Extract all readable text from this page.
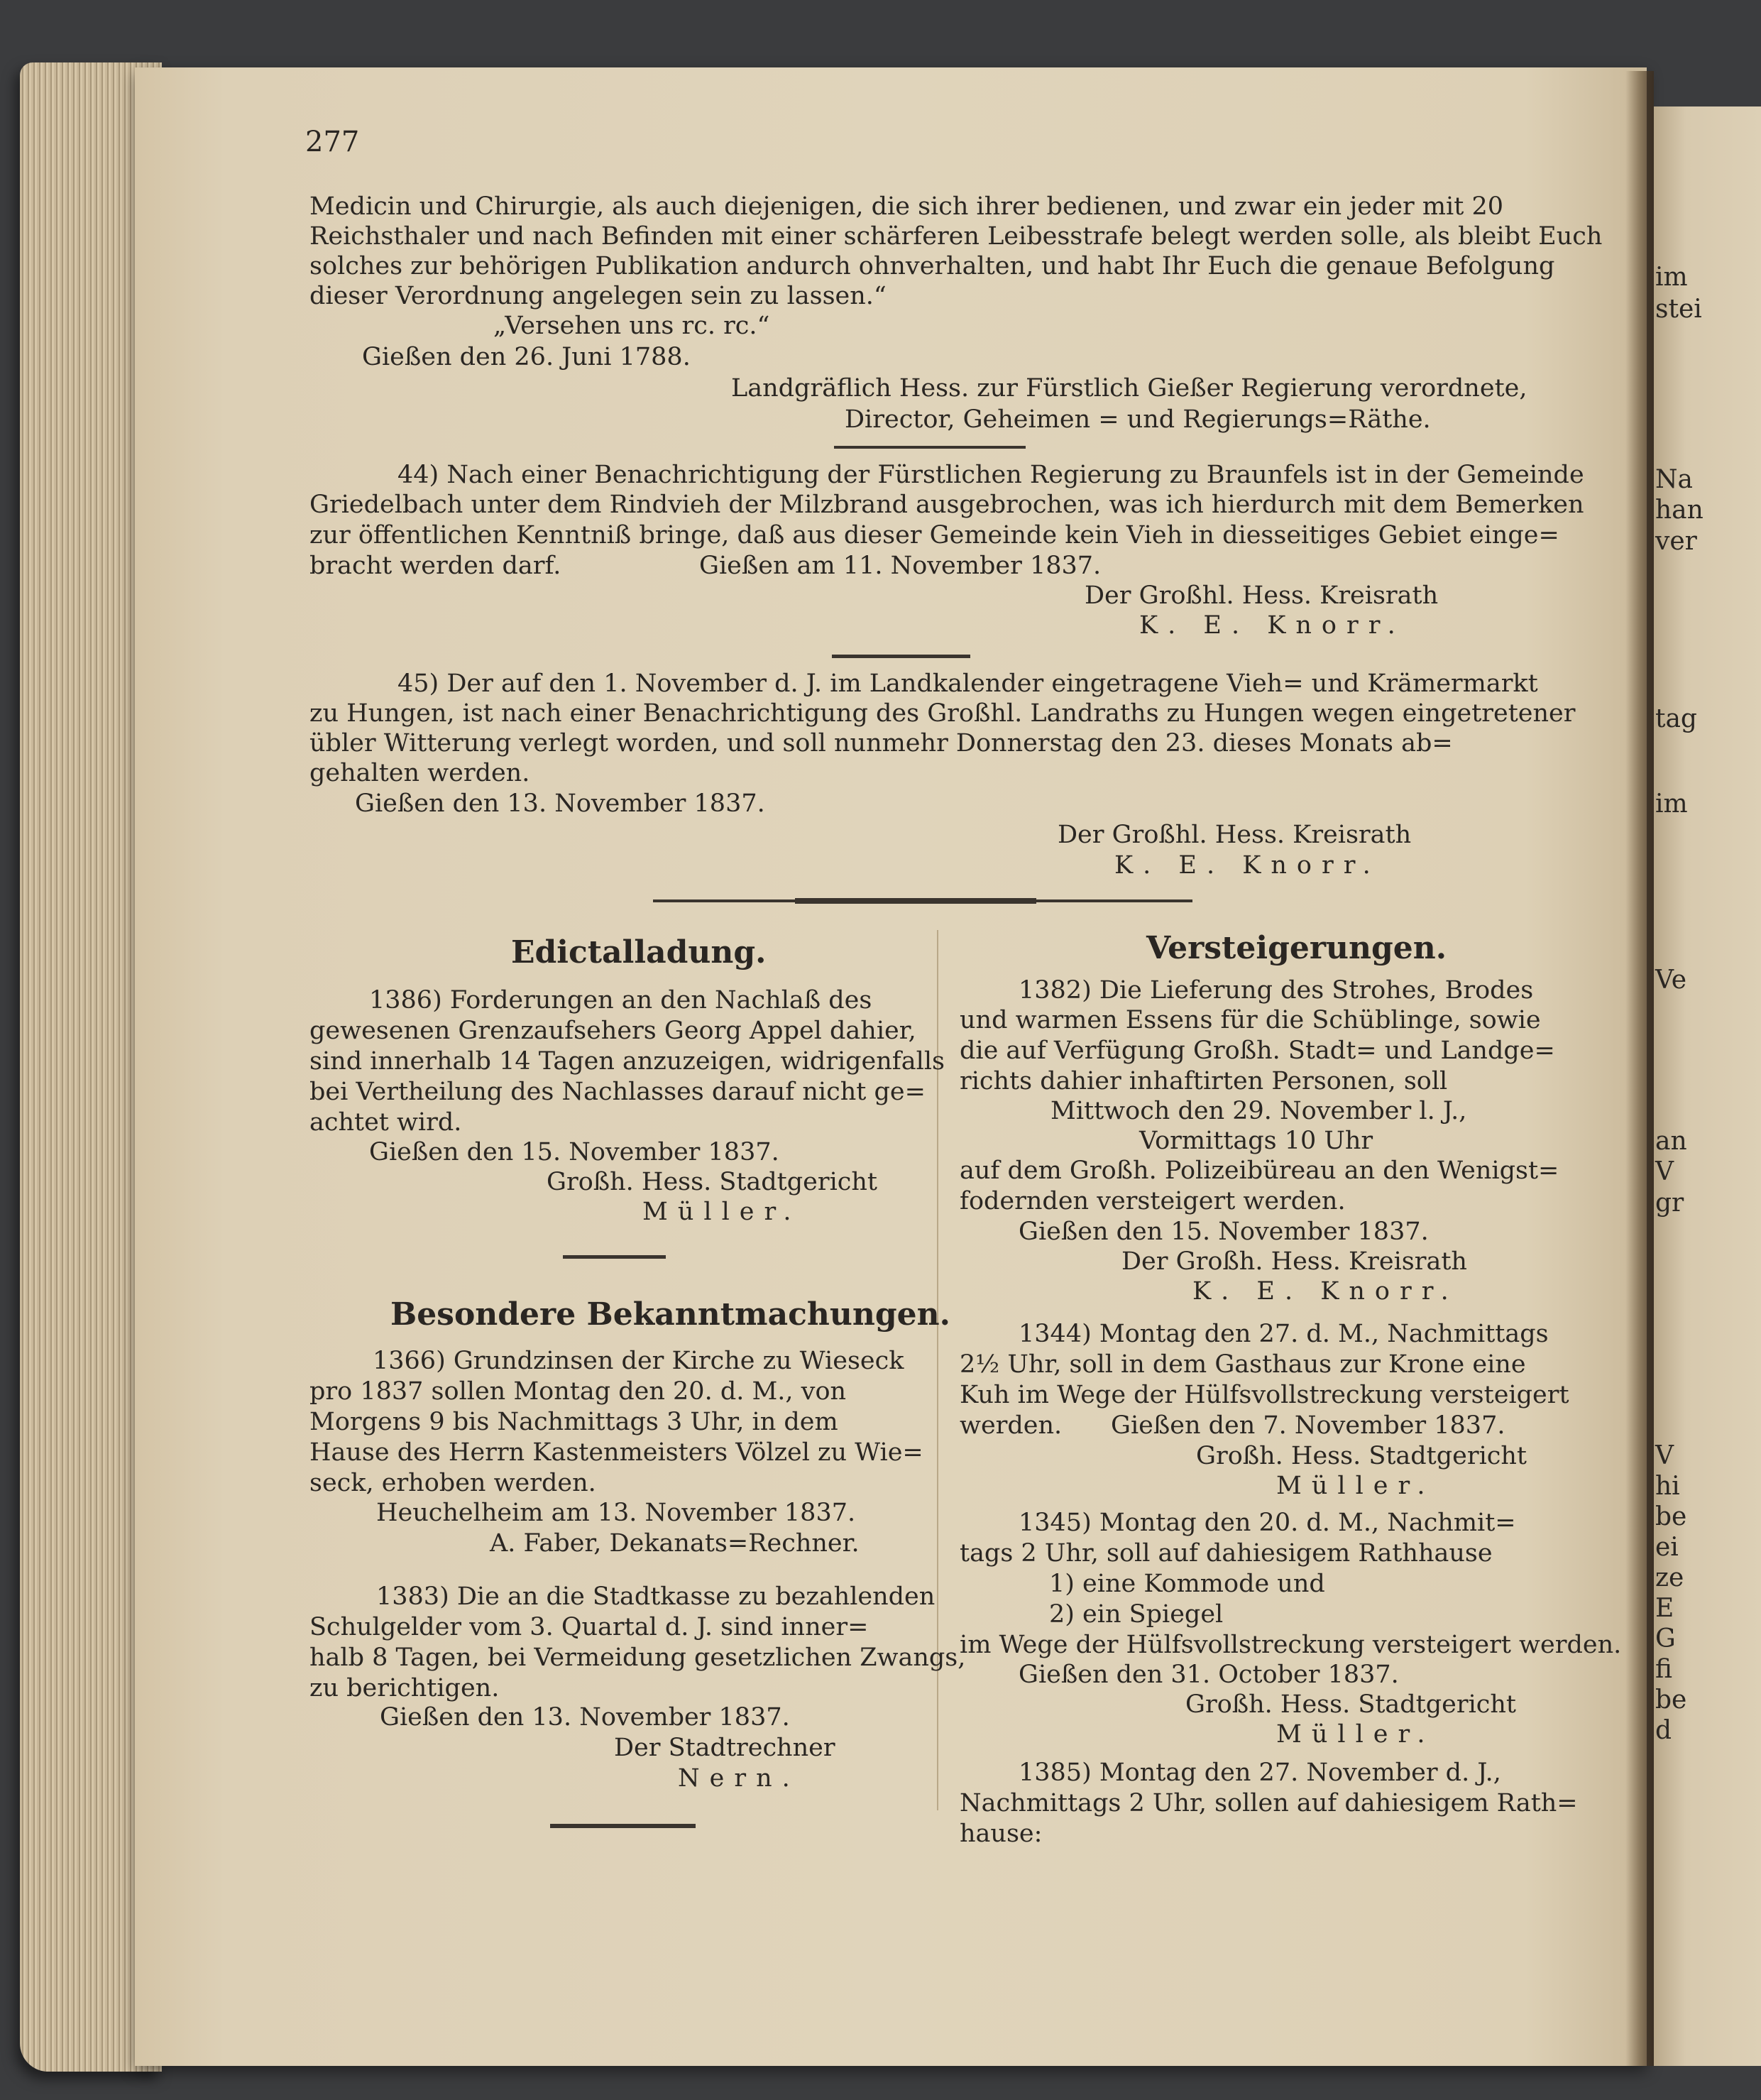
im
stei
Na
han
ver
tag
im
Ve
an
V
gr
V
hi
be
ei
ze
E
G
fi
be
d
277
Medicin und Chirurgie, als auch diejenigen, die sich ihrer bedienen, und zwar ein jeder mit 20
Reichsthaler und nach Befinden mit einer schärferen Leibesstrafe belegt werden solle, als bleibt Euch
solches zur behörigen Publikation andurch ohnverhalten, und habt Ihr Euch die genaue Befolgung
dieser Verordnung angelegen sein zu lassen.“
„Versehen uns rc. rc.“
Gießen den 26. Juni 1788.
Landgräflich Hess. zur Fürstlich Gießer Regierung verordnete,
Director, Geheimen = und Regierungs=Räthe.
44) Nach einer Benachrichtigung der Fürstlichen Regierung zu Braunfels ist in der Gemeinde
Griedelbach unter dem Rindvieh der Milzbrand ausgebrochen, was ich hierdurch mit dem Bemerken
zur öffentlichen Kenntniß bringe, daß aus dieser Gemeinde kein Vieh in diesseitiges Gebiet einge=
bracht werden darf.	Gießen am 11. November 1837.
Der Großhl. Hess. Kreisrath
K. E. Knorr.
45) Der auf den 1. November d. J. im Landkalender eingetragene Vieh= und Krämermarkt
zu Hungen, ist nach einer Benachrichtigung des Großhl. Landraths zu Hungen wegen eingetretener
übler Witterung verlegt worden, und soll nunmehr Donnerstag den 23. dieses Monats ab=
gehalten werden.
Gießen den 13. November 1837.
Der Großhl. Hess. Kreisrath
K. E. Knorr.
Edictalladung.
1386) Forderungen an den Nachlaß des
gewesenen Grenzaufsehers Georg Appel dahier,
sind innerhalb 14 Tagen anzuzeigen, widrigenfalls
bei Vertheilung des Nachlasses darauf nicht ge=
achtet wird.
Gießen den 15. November 1837.
Großh. Hess. Stadtgericht
Müller.
Besondere Bekanntmachungen.
1366) Grundzinsen der Kirche zu Wieseck
pro 1837 sollen Montag den 20. d. M., von
Morgens 9 bis Nachmittags 3 Uhr, in dem
Hause des Herrn Kastenmeisters Völzel zu Wie=
seck, erhoben werden.
Heuchelheim am 13. November 1837.
A. Faber, Dekanats=Rechner.
1383) Die an die Stadtkasse zu bezahlenden
Schulgelder vom 3. Quartal d. J. sind inner=
halb 8 Tagen, bei Vermeidung gesetzlichen Zwangs,
zu berichtigen.
Gießen den 13. November 1837.
Der Stadtrechner
Nern.
Versteigerungen.
1382) Die Lieferung des Strohes, Brodes
und warmen Essens für die Schüblinge, sowie
die auf Verfügung Großh. Stadt= und Landge=
richts dahier inhaftirten Personen, soll
Mittwoch den 29. November l. J.,
Vormittags 10 Uhr
auf dem Großh. Polizeibüreau an den Wenigst=
fodernden versteigert werden.
Gießen den 15. November 1837.
Der Großh. Hess. Kreisrath
K. E. Knorr.
1344) Montag den 27. d. M., Nachmittags
2½ Uhr, soll in dem Gasthaus zur Krone eine
Kuh im Wege der Hülfsvollstreckung versteigert
werden. Gießen den 7. November 1837.
Großh. Hess. Stadtgericht
Müller.
1345) Montag den 20. d. M., Nachmit=
tags 2 Uhr, soll auf dahiesigem Rathhause
1) eine Kommode und
2) ein Spiegel
im Wege der Hülfsvollstreckung versteigert werden.
Gießen den 31. October 1837.
Großh. Hess. Stadtgericht
Müller.
1385) Montag den 27. November d. J.,
Nachmittags 2 Uhr, sollen auf dahiesigem Rath=
hause:
